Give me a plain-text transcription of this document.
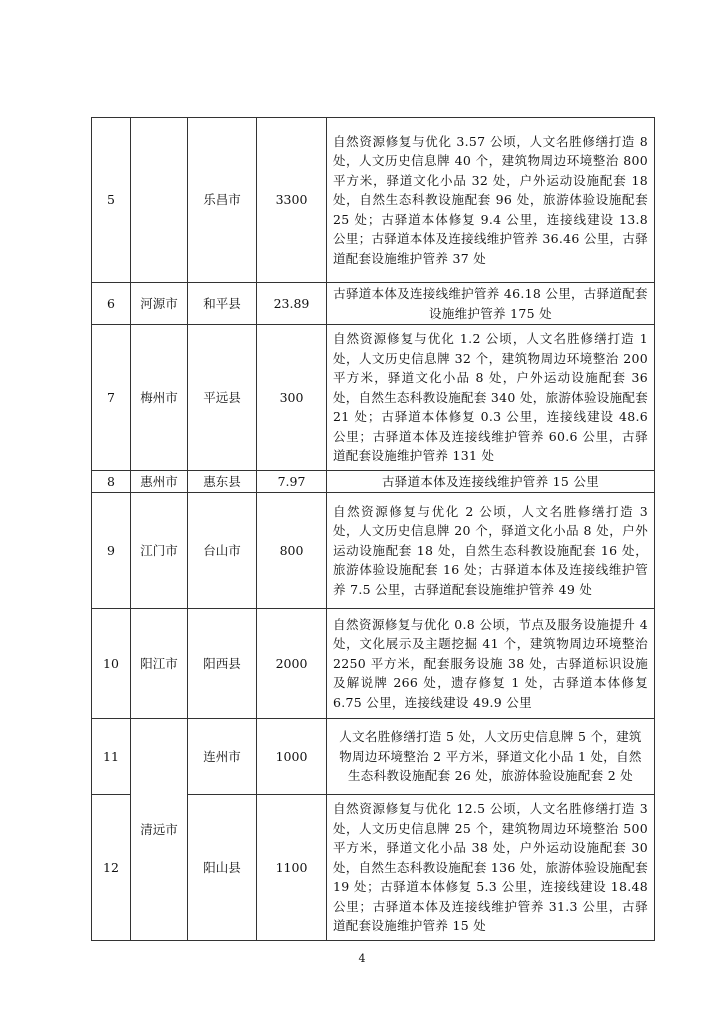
5		乐昌市	3300	自然资源修复与优化 3.57 公顷，人文名胜修缮打造 8 处，人文历史信息牌 40 个，建筑物周边环境整治 800 平方米，驿道文化小品 32 处，户外运动设施配套 18 处，自然生态科教设施配套 96 处，旅游体验设施配套 25 处；古驿道本体修复 9.4 公里，连接线建设 13.8 公里；古驿道本体及连接线维护管养 36.46 公里，古驿道配套设施维护管养 37 处
6	河源市	和平县	23.89	古驿道本体及连接线维护管养 46.18 公里，古驿道配套设施维护管养 175 处
7	梅州市	平远县	300	自然资源修复与优化 1.2 公顷，人文名胜修缮打造 1 处，人文历史信息牌 32 个，建筑物周边环境整治 200 平方米，驿道文化小品 8 处，户外运动设施配套 36 处，自然生态科教设施配套 340 处，旅游体验设施配套 21 处；古驿道本体修复 0.3 公里，连接线建设 48.6 公里；古驿道本体及连接线维护管养 60.6 公里，古驿道配套设施维护管养 131 处
8	惠州市	惠东县	7.97	古驿道本体及连接线维护管养 15 公里
9	江门市	台山市	800	自然资源修复与优化 2 公顷，人文名胜修缮打造 3 处，人文历史信息牌 20 个，驿道文化小品 8 处，户外运动设施配套 18 处，自然生态科教设施配套 16 处，旅游体验设施配套 16 处；古驿道本体及连接线维护管养 7.5 公里，古驿道配套设施维护管养 49 处
10	阳江市	阳西县	2000	自然资源修复与优化 0.8 公顷，节点及服务设施提升 4 处，文化展示及主题挖掘 41 个，建筑物周边环境整治 2250 平方米，配套服务设施 38 处，古驿道标识设施及解说牌 266 处，遗存修复 1 处，古驿道本体修复 6.75 公里，连接线建设 49.9 公里
11	清远市	连州市	1000	人文名胜修缮打造 5 处，人文历史信息牌 5 个，建筑物周边环境整治 2 平方米，驿道文化小品 1 处，自然生态科教设施配套 26 处，旅游体验设施配套 2 处
12		阳山县	1100	自然资源修复与优化 12.5 公顷，人文名胜修缮打造 3 处，人文历史信息牌 25 个，建筑物周边环境整治 500 平方米，驿道文化小品 38 处，户外运动设施配套 30 处，自然生态科教设施配套 136 处，旅游体验设施配套 19 处；古驿道本体修复 5.3 公里，连接线建设 18.48 公里；古驿道本体及连接线维护管养 31.3 公里，古驿道配套设施维护管养 15 处
4
